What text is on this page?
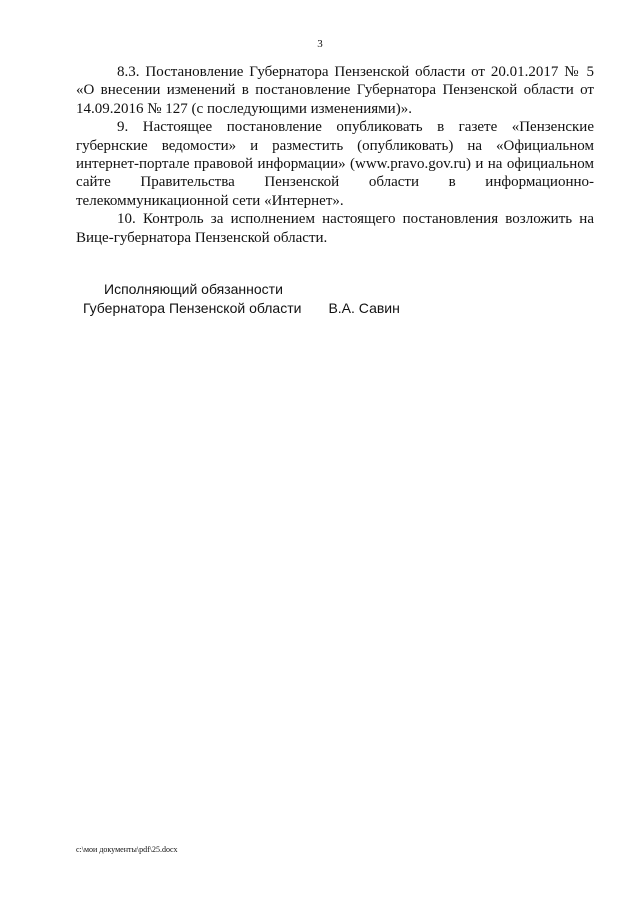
3

8.3. Постановление Губернатора Пензенской области от 20.01.2017 № 5 «О внесении изменений в постановление Губернатора Пензенской области от 14.09.2016 № 127 (с последующими изменениями)».

9. Настоящее постановление опубликовать в газете «Пензенские губернские ведомости» и разместить (опубликовать) на «Официальном интернет-портале правовой информации» (www.pravo.gov.ru) и на официальном сайте Правительства Пензенской области в информационно-телекоммуникационной сети «Интернет».

10. Контроль за исполнением настоящего постановления возложить на Вице-губернатора Пензенской области.

Исполняющий обязанности
Губернатора Пензенской области В.А. Савин
c:\мои документы\pdf\25.docx
